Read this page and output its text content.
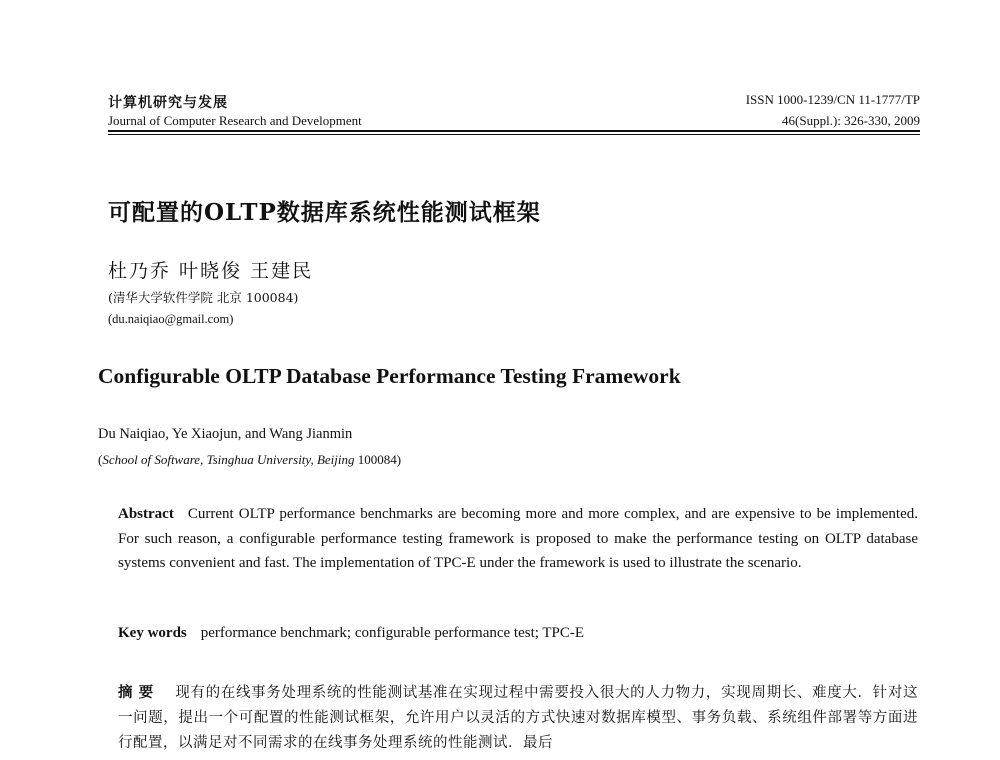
计算机研究与发展
Journal of Computer Research and Development
ISSN 1000-1239/CN 11-1777/TP
46(Suppl.): 326-330, 2009
可配置的OLTP数据库系统性能测试框架
杜乃乔 叶晓俊 王建民
(清华大学软件学院 北京 100084)
(du.naiqiao@gmail.com)
Configurable OLTP Database Performance Testing Framework
Du Naiqiao, Ye Xiaojun, and Wang Jianmin
(School of Software, Tsinghua University, Beijing 100084)
Abstract Current OLTP performance benchmarks are becoming more and more complex, and are expensive to be implemented. For such reason, a configurable performance testing framework is proposed to make the performance testing on OLTP database systems convenient and fast. The implementation of TPC-E under the framework is used to illustrate the scenario.
Key words performance benchmark; configurable performance test; TPC-E
摘要 现有的在线事务处理系统的性能测试基准在实现过程中需要投入很大的人力物力，实现周期长、难度大．针对这一问题，提出一个可配置的性能测试框架，允许用户以灵活的方式快速对数据库模型、事务负载、系统组件部署等方面进行配置，以满足对不同需求的在线事务处理系统的性能测试．最后
